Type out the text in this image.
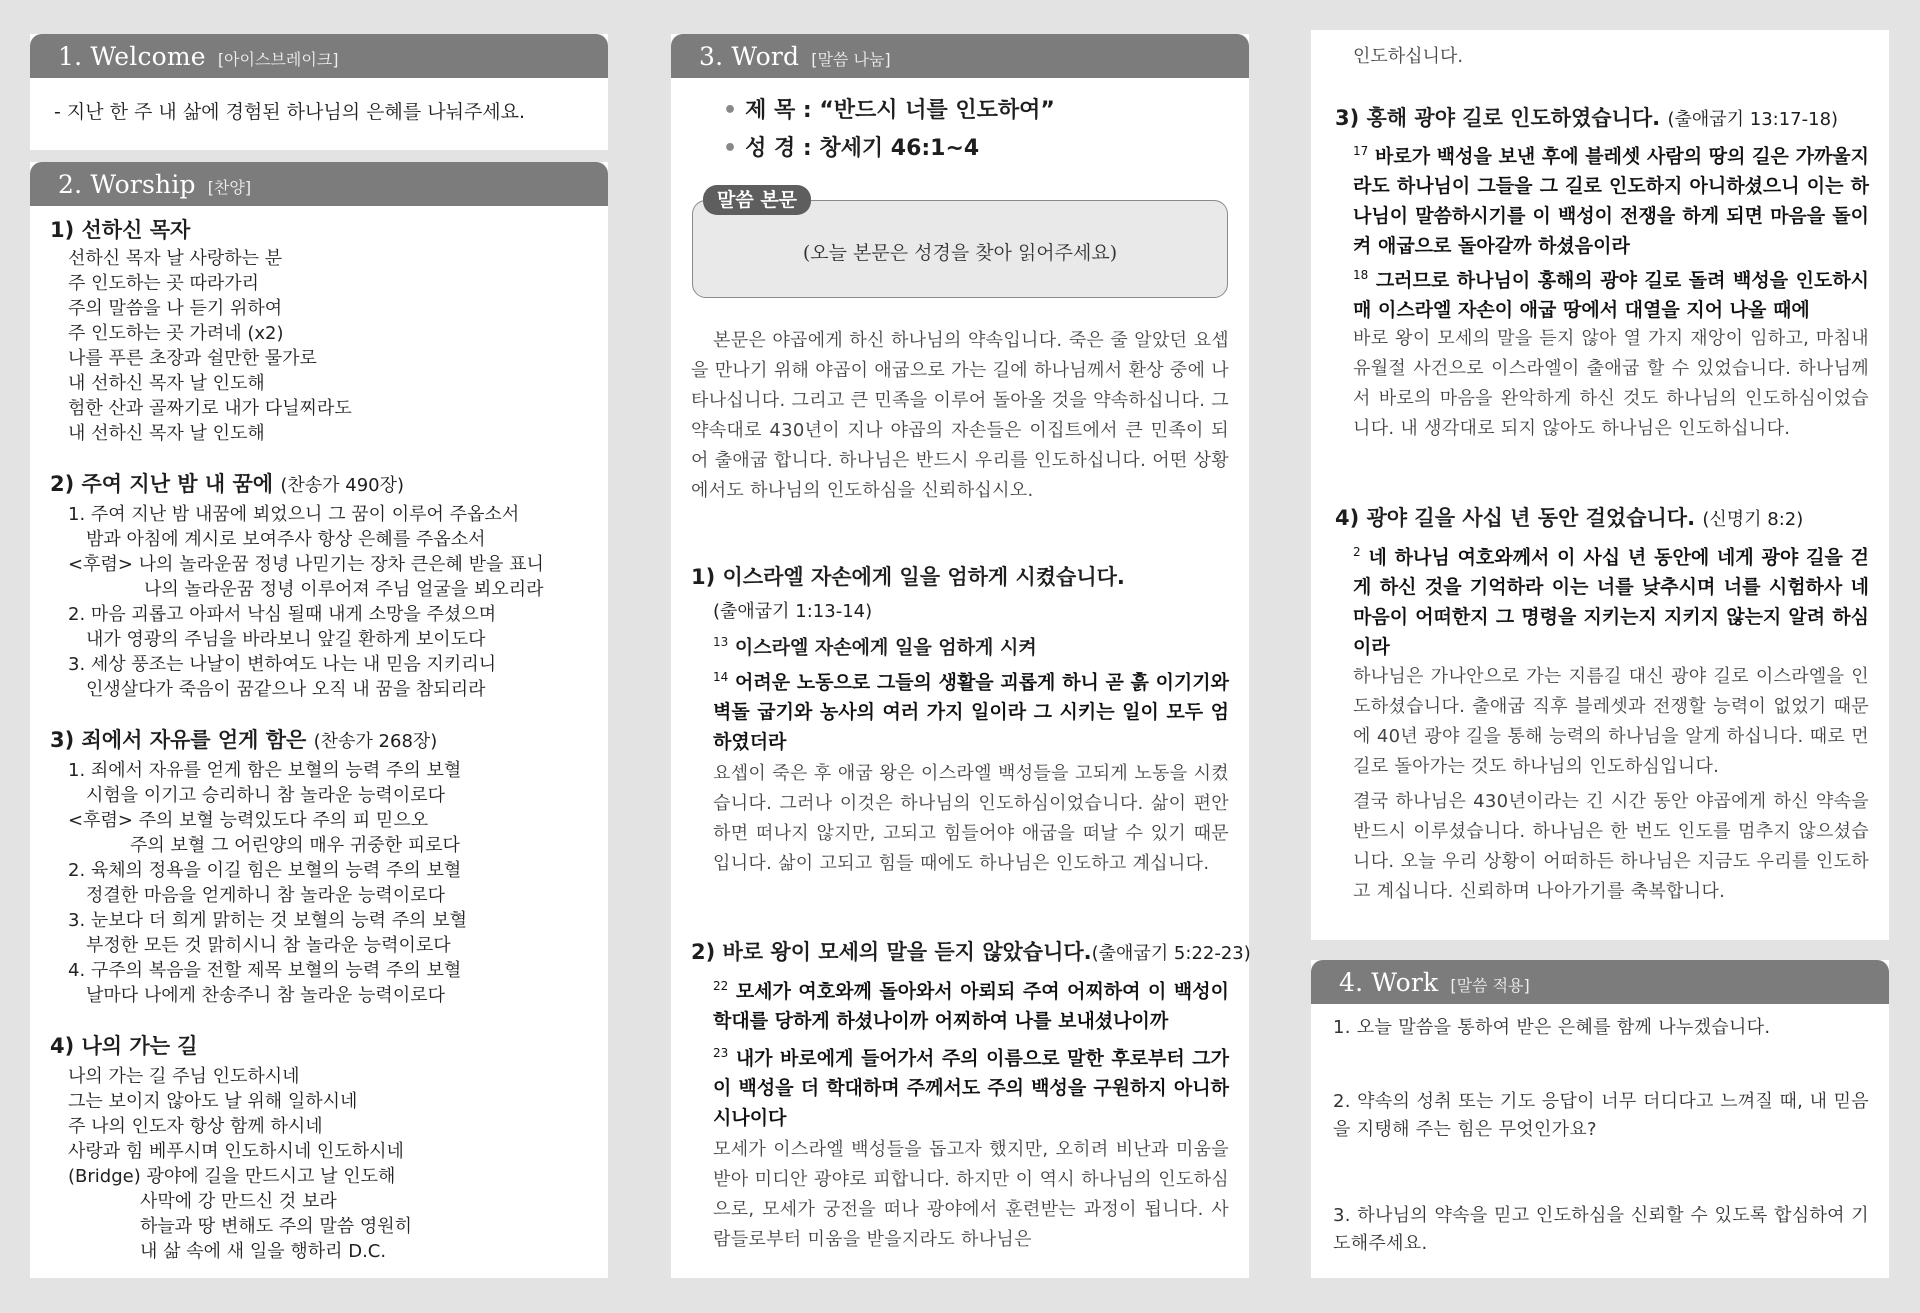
1. Welcome [아이스브레이크]
- 지난 한 주 내 삶에 경험된 하나님의 은혜를 나눠주세요.
2. Worship [찬양]
1) 선하신 목자
선하신 목자 날 사랑하는 분
주 인도하는 곳 따라가리
주의 말씀을 나 듣기 위하여
주 인도하는 곳 가려네 (x2)
나를 푸른 초장과 쉴만한 물가로
내 선하신 목자 날 인도해
험한 산과 골짜기로 내가 다닐찌라도
내 선하신 목자 날 인도해
2) 주여 지난 밤 내 꿈에 (찬송가 490장)
1. 주여 지난 밤 내꿈에 뵈었으니 그 꿈이 이루어 주옵소서
밤과 아침에 계시로 보여주사 항상 은혜를 주옵소서
<후렴> 나의 놀라운꿈 정녕 나믿기는 장차 큰은혜 받을 표니
나의 놀라운꿈 정녕 이루어져 주님 얼굴을 뵈오리라
2. 마음 괴롭고 아파서 낙심 될때 내게 소망을 주셨으며
내가 영광의 주님을 바라보니 앞길 환하게 보이도다
3. 세상 풍조는 나날이 변하여도 나는 내 믿음 지키리니
인생살다가 죽음이 꿈같으나 오직 내 꿈을 참되리라
3) 죄에서 자유를 얻게 함은 (찬송가 268장)
1. 죄에서 자유를 얻게 함은 보혈의 능력 주의 보혈
시험을 이기고 승리하니 참 놀라운 능력이로다
<후렴> 주의 보혈 능력있도다 주의 피 믿으오
주의 보혈 그 어린양의 매우 귀중한 피로다
2. 육체의 정욕을 이길 힘은 보혈의 능력 주의 보혈
정결한 마음을 얻게하니 참 놀라운 능력이로다
3. 눈보다 더 희게 맑히는 것 보혈의 능력 주의 보혈
부정한 모든 것 맑히시니 참 놀라운 능력이로다
4. 구주의 복음을 전할 제목 보혈의 능력 주의 보혈
날마다 나에게 찬송주니 참 놀라운 능력이로다
4) 나의 가는 길
나의 가는 길 주님 인도하시네
그는 보이지 않아도 날 위해 일하시네
주 나의 인도자 항상 함께 하시네
사랑과 힘 베푸시며 인도하시네 인도하시네
(Bridge) 광야에 길을 만드시고 날 인도해
사막에 강 만드신 것 보라
하늘과 땅 변해도 주의 말씀 영원히
내 삶 속에 새 일을 행하리 D.C.
3. Word [말씀 나눔]
• 제 목 : “반드시 너를 인도하여”
• 성 경 : 창세기 46:1~4
말씀 본문
(오늘 본문은 성경을 찾아 읽어주세요)
본문은 야곱에게 하신 하나님의 약속입니다. 죽은 줄 알았던 요셉을 만나기 위해 야곱이 애굽으로 가는 길에 하나님께서 환상 중에 나타나십니다. 그리고 큰 민족을 이루어 돌아올 것을 약속하십니다. 그 약속대로 430년이 지나 야곱의 자손들은 이집트에서 큰 민족이 되어 출애굽 합니다. 하나님은 반드시 우리를 인도하십니다. 어떤 상황에서도 하나님의 인도하심을 신뢰하십시오.
1) 이스라엘 자손에게 일을 엄하게 시켰습니다.
(출애굽기 1:13-14)
$^{13}$ 이스라엘 자손에게 일을 엄하게 시켜
$^{14}$ 어려운 노동으로 그들의 생활을 괴롭게 하니 곧 흙 이기기와 벽돌 굽기와 농사의 여러 가지 일이라 그 시키는 일이 모두 엄하였더라
요셉이 죽은 후 애굽 왕은 이스라엘 백성들을 고되게 노동을 시켰습니다. 그러나 이것은 하나님의 인도하심이었습니다. 삶이 편안하면 떠나지 않지만, 고되고 힘들어야 애굽을 떠날 수 있기 때문입니다. 삶이 고되고 힘들 때에도 하나님은 인도하고 계십니다.
2) 바로 왕이 모세의 말을 듣지 않았습니다.(출애굽기 5:22-23)
$^{22}$ 모세가 여호와께 돌아와서 아뢰되 주여 어찌하여 이 백성이 학대를 당하게 하셨나이까 어찌하여 나를 보내셨나이까
$^{23}$ 내가 바로에게 들어가서 주의 이름으로 말한 후로부터 그가 이 백성을 더 학대하며 주께서도 주의 백성을 구원하지 아니하시나이다
모세가 이스라엘 백성들을 돕고자 했지만, 오히려 비난과 미움을 받아 미디안 광야로 피합니다. 하지만 이 역시 하나님의 인도하심으로, 모세가 궁전을 떠나 광야에서 훈련받는 과정이 됩니다. 사람들로부터 미움을 받을지라도 하나님은
인도하십니다.
3) 홍해 광야 길로 인도하였습니다. (출애굽기 13:17-18)
$^{17}$ 바로가 백성을 보낸 후에 블레셋 사람의 땅의 길은 가까울지라도 하나님이 그들을 그 길로 인도하지 아니하셨으니 이는 하나님이 말씀하시기를 이 백성이 전쟁을 하게 되면 마음을 돌이켜 애굽으로 돌아갈까 하셨음이라
$^{18}$ 그러므로 하나님이 홍해의 광야 길로 돌려 백성을 인도하시매 이스라엘 자손이 애굽 땅에서 대열을 지어 나올 때에
바로 왕이 모세의 말을 듣지 않아 열 가지 재앙이 임하고, 마침내 유월절 사건으로 이스라엘이 출애굽 할 수 있었습니다. 하나님께서 바로의 마음을 완악하게 하신 것도 하나님의 인도하심이었습니다. 내 생각대로 되지 않아도 하나님은 인도하십니다.
4) 광야 길을 사십 년 동안 걸었습니다. (신명기 8:2)
$^2$ 네 하나님 여호와께서 이 사십 년 동안에 네게 광야 길을 걷게 하신 것을 기억하라 이는 너를 낮추시며 너를 시험하사 네 마음이 어떠한지 그 명령을 지키는지 지키지 않는지 알려 하심이라
하나님은 가나안으로 가는 지름길 대신 광야 길로 이스라엘을 인도하셨습니다. 출애굽 직후 블레셋과 전쟁할 능력이 없었기 때문에 40년 광야 길을 통해 능력의 하나님을 알게 하십니다. 때로 먼 길로 돌아가는 것도 하나님의 인도하심입니다.
결국 하나님은 430년이라는 긴 시간 동안 야곱에게 하신 약속을 반드시 이루셨습니다. 하나님은 한 번도 인도를 멈추지 않으셨습니다. 오늘 우리 상황이 어떠하든 하나님은 지금도 우리를 인도하고 계십니다. 신뢰하며 나아가기를 축복합니다.
4. Work [말씀 적용]
1. 오늘 말씀을 통하여 받은 은혜를 함께 나누겠습니다.
2. 약속의 성취 또는 기도 응답이 너무 더디다고 느껴질 때, 내 믿음을 지탱해 주는 힘은 무엇인가요?
3. 하나님의 약속을 믿고 인도하심을 신뢰할 수 있도록 합심하여 기도해주세요.
